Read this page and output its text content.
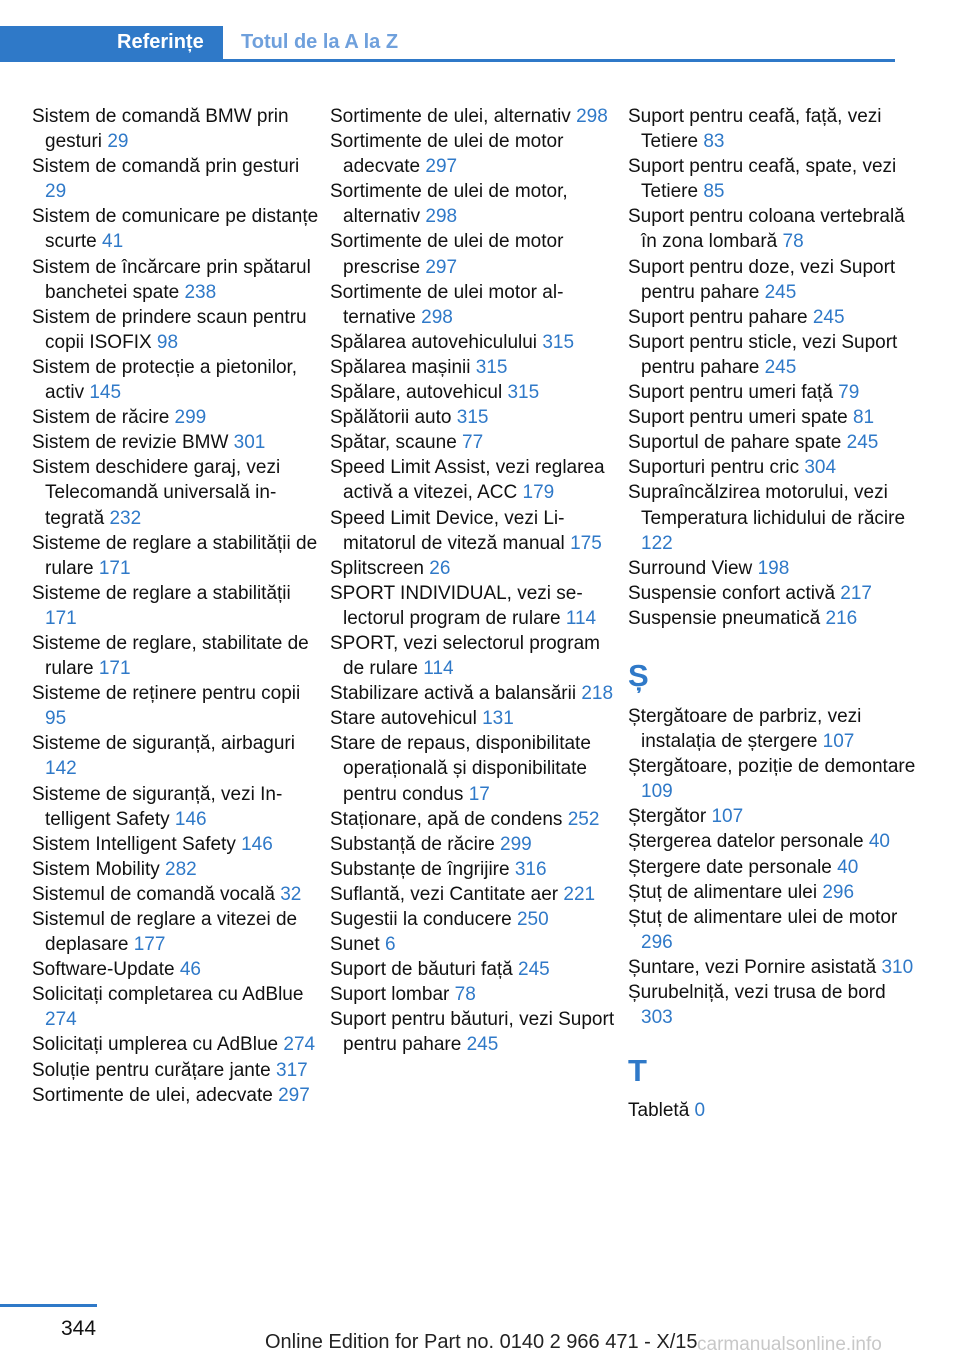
Referințe	Totul de la A la Z

Sistem de comandă BMW prin gesturi 29

Sistem de comandă prin gesturi 29

Sistem de comunicare pe distanțe scurte 41

Sistem de încărcare prin spătarul banchetei spate 238

Sistem de prindere scaun pentru copii ISOFIX 98

Sistem de protecție a pietonilor, activ 145

Sistem de răcire 299

Sistem de revizie BMW 301

Sistem deschidere garaj, vezi Telecomandă universală integrată 232

Sisteme de reglare a stabilității de rulare 171

Sisteme de reglare a stabilității 171

Sisteme de reglare, stabilitate de rulare 171

Sisteme de reținere pentru copii 95

Sisteme de siguranță, airbaguri 142

Sisteme de siguranță, vezi Intelligent Safety 146

Sistem Intelligent Safety 146

Sistem Mobility 282

Sistemul de comandă vocală 32

Sistemul de reglare a vitezei de deplasare 177

Software-Update 46

Solicitați completarea cu AdBlue 274

Solicitați umplerea cu AdBlue 274

Soluție pentru curățare jante 317

Sortimente de ulei, adecvate 297

Sortimente de ulei, alternativ 298

Sortimente de ulei de motor adecvate 297

Sortimente de ulei de motor, alternativ 298

Sortimente de ulei de motor prescrise 297

Sortimente de ulei motor alternative 298

Spălarea autovehiculului 315

Spălarea mașinii 315

Spălare, autovehicul 315

Spălătorii auto 315

Spătar, scaune 77

Speed Limit Assist, vezi reglarea activă a vitezei, ACC 179

Speed Limit Device, vezi Limitatorul de viteză manual 175

Splitscreen 26

SPORT INDIVIDUAL, vezi selectorul program de rulare 114

SPORT, vezi selectorul program de rulare 114

Stabilizare activă a balansării 218

Stare autovehicul 131

Stare de repaus, disponibilitate operațională și disponibilitate pentru condus 17

Staționare, apă de condens 252

Substanță de răcire 299

Substanțe de îngrijire 316

Suflantă, vezi Cantitate aer 221

Sugestii la conducere 250

Sunet 6

Suport de băuturi față 245

Suport lombar 78

Suport pentru băuturi, vezi Suport pentru pahare 245

Suport pentru ceafă, față, vezi Tetiere 83

Suport pentru ceafă, spate, vezi Tetiere 85

Suport pentru coloana vertebrală în zona lombară 78

Suport pentru doze, vezi Suport pentru pahare 245

Suport pentru pahare 245

Suport pentru sticle, vezi Suport pentru pahare 245

Suport pentru umeri față 79

Suport pentru umeri spate 81

Suportul de pahare spate 245

Suporturi pentru cric 304

Supraîncălzirea motorului, vezi Temperatura lichidului de răcire 122

Surround View 198

Suspensie confort activă 217

Suspensie pneumatică 216

Ș

Ștergătoare de parbriz, vezi instalația de ștergere 107

Ștergătoare, poziție de demontare 109

Ștergător 107

Ștergerea datelor personale 40

Ștergere date personale 40

Ștuț de alimentare ulei 296

Ștuț de alimentare ulei de motor 296

Șuntare, vezi Pornire asistată 310

Șurubelniță, vezi trusa de bord 303

T

Tabletă 0

344
Online Edition for Part no. 0140 2 966 471 - X/15 carmanualsonline.info
